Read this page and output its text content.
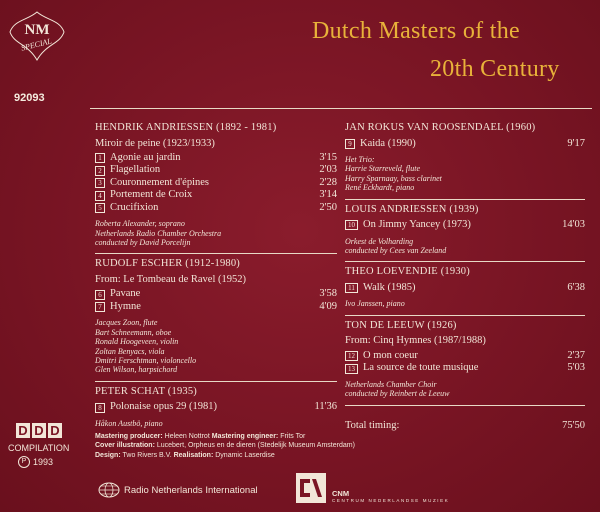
NM
SPECIAL
92093
Dutch Masters of the
20th Century
HENDRIK ANDRIESSEN (1892 - 1981)
Miroir de peine (1923/1933)
1 Agonie au jardin	3'15
2 Flagellation	2'03
3 Couronnement d'épines	2'28
4 Portement de Croix	3'14
5 Crucifixion	2'50
Roberta Alexander, soprano
Netherlands Radio Chamber Orchestra
conducted by David Porcelijn
RUDOLF ESCHER (1912-1980)
From: Le Tombeau de Ravel (1952)
6 Pavane	3'58
7 Hymne	4'09
Jacques Zoon, flute
Bart Schneemann, oboe
Ronald Hoogeveen, violin
Zoltan Benyacs, viola
Dmitri Ferschtman, violoncello
Glen Wilson, harpsichord
PETER SCHAT (1935)
8 Polonaise opus 29 (1981)	11'36
Håkon Austbö, piano
JAN ROKUS VAN ROOSENDAEL (1960)
9 Kaida (1990)	9'17
Het Trio:
Harrie Starreveld, flute
Harry Sparnaay, bass clarinet
René Eckhardt, piano
LOUIS ANDRIESSEN (1939)
10 On Jimmy Yancey (1973)	14'03
Orkest de Volharding
conducted by Cees van Zeeland
THEO LOEVENDIE (1930)
11 Walk (1985)	6'38
Ivo Janssen, piano
TON DE LEEUW (1926)
From: Cinq Hymnes (1987/1988)
12 O mon coeur	2'37
13 La source de toute musique	5'03
Netherlands Chamber Choir
conducted by Reinbert de Leeuw
Total timing:	75'50
D D D
COMPILATION
P 1993
Mastering producer: Heleen Nottrot Mastering engineer: Frits Tor
Cover illustration: Lucebert, Orpheus en de dieren (Stedelijk Museum Amsterdam)
Design: Two Rivers B.V. Realisation: Dynamic Laserdise
Radio Netherlands International	CNM
CENTRUM NEDERLANDSE MUZIEK
